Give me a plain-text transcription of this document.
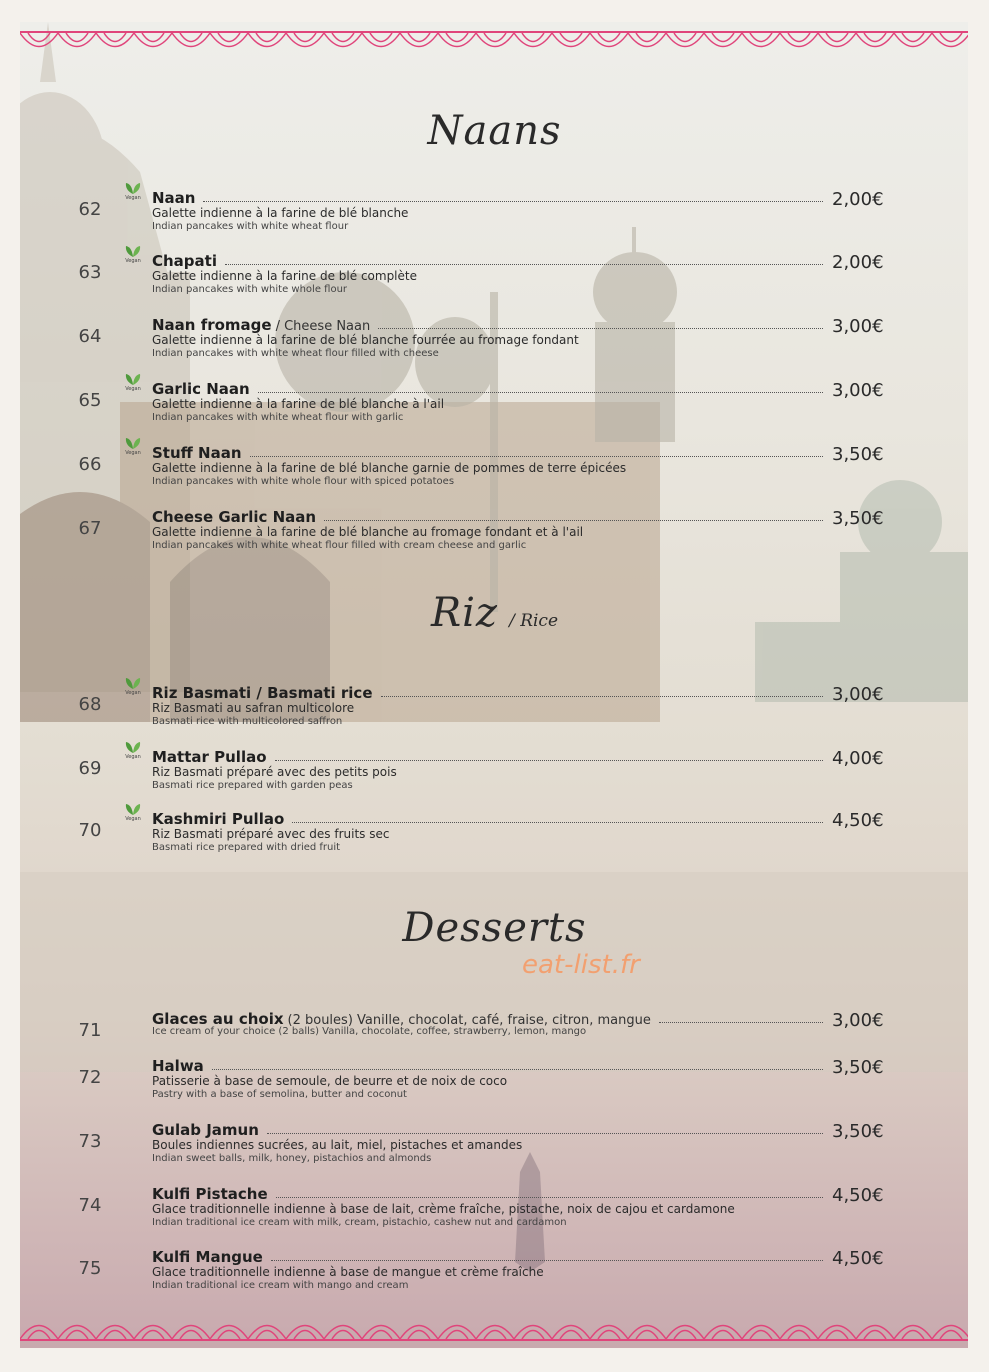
Naans
Riz / Rice
Desserts
eat-list.fr
62
Vegan Naan
Galette indienne à la farine de blé blanche
Indian pancakes with white wheat flour
2,00€
63
Vegan Chapati
Galette indienne à la farine de blé complète
Indian pancakes with white whole flour
2,00€
64
Naan fromage / Cheese Naan
Galette indienne à la farine de blé blanche fourrée au fromage fondant
Indian pancakes with white wheat flour filled with cheese
3,00€
65
Vegan Garlic Naan
Galette indienne à la farine de blé blanche à l'ail
Indian pancakes with white wheat flour with garlic
3,00€
66
Vegan Stuff Naan
Galette indienne à la farine de blé blanche garnie de pommes de terre épicées
Indian pancakes with white whole flour with spiced potatoes
3,50€
67
Cheese Garlic Naan
Galette indienne à la farine de blé blanche au fromage fondant et à l'ail
Indian pancakes with white wheat flour filled with cream cheese and garlic
3,50€
68
Vegan Riz Basmati / Basmati rice
Riz Basmati au safran multicolore
Basmati rice with multicolored saffron
3,00€
69
Vegan Mattar Pullao
Riz Basmati préparé avec des petits pois
Basmati rice prepared with garden peas
4,00€
70
Vegan Kashmiri Pullao
Riz Basmati préparé avec des fruits sec
Basmati rice prepared with dried fruit
4,50€
71
Glaces au choix (2 boules) Vanille, chocolat, café, fraise, citron, mangue
Ice cream of your choice (2 balls) Vanilla, chocolate, coffee, strawberry, lemon, mango
3,00€
72
Halwa
Patisserie à base de semoule, de beurre et de noix de coco
Pastry with a base of semolina, butter and coconut
3,50€
73
Gulab Jamun
Boules indiennes sucrées, au lait, miel, pistaches et amandes
Indian sweet balls, milk, honey, pistachios and almonds
3,50€
74
Kulfi Pistache
Glace traditionnelle indienne à base de lait, crème fraîche, pistache, noix de cajou et cardamone
Indian traditional ice cream with milk, cream, pistachio, cashew nut and cardamon
4,50€
75
Kulfi Mangue
Glace traditionnelle indienne à base de mangue et crème fraîche
Indian traditional ice cream with mango and cream
4,50€
